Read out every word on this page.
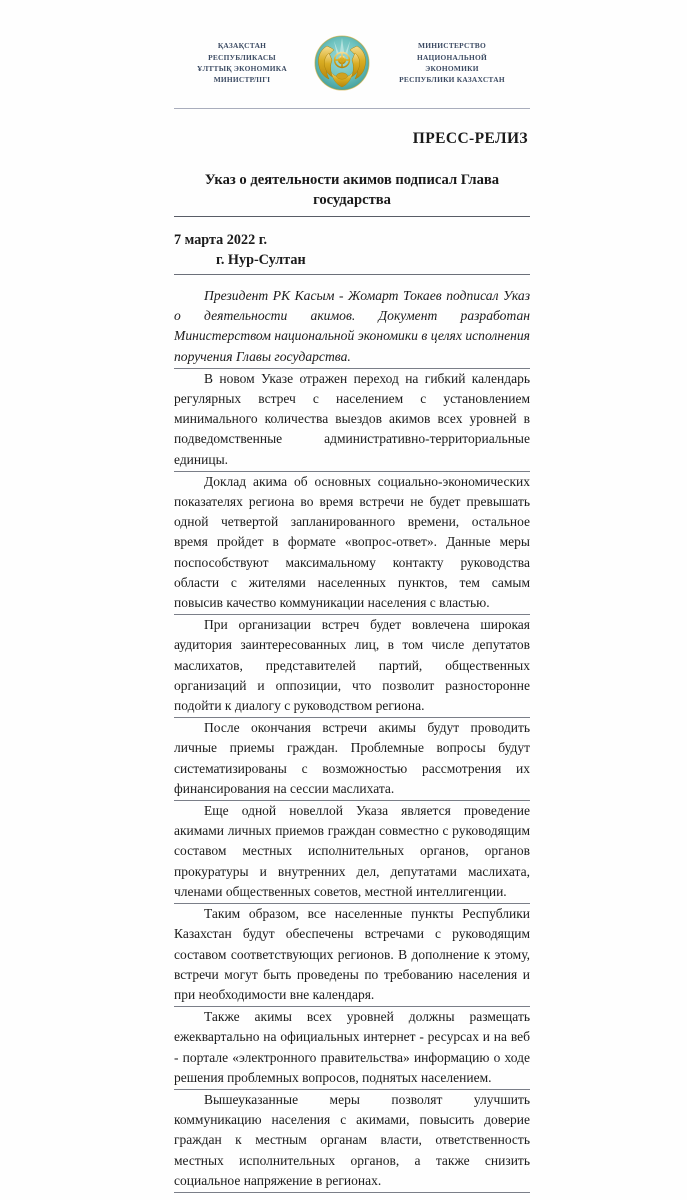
ҚАЗАҚСТАН
РЕСПУБЛИКАСЫ
ҰЛТТЫҚ ЭКОНОМИКА
МИНИСТРЛІГІ
МИНИСТЕРСТВО
НАЦИОНАЛЬНОЙ
ЭКОНОМИКИ
РЕСПУБЛИКИ КАЗАХСТАН
ПРЕСС-РЕЛИЗ
Указ о деятельности акимов подписал Глава государства
7 марта 2022 г.
г. Нур-Султан

Президент РК Касым - Жомарт Токаев подписал Указ о деятельности акимов. Документ разработан Министерством национальной экономики в целях исполнения поручения Главы государства.

В новом Указе отражен переход на гибкий календарь регулярных встреч с населением с установлением минимального количества выездов акимов всех уровней в подведомственные административно-территориальные единицы.

Доклад акима об основных социально-экономических показателях региона во время встречи не будет превышать одной четвертой запланированного времени, остальное время пройдет в формате «вопрос-ответ». Данные меры поспособствуют максимальному контакту руководства области с жителями населенных пунктов, тем самым повысив качество коммуникации населения с властью.

При организации встреч будет вовлечена широкая аудитория заинтересованных лиц, в том числе депутатов маслихатов, представителей партий, общественных организаций и оппозиции, что позволит разносторонне подойти к диалогу с руководством региона.

После окончания встречи акимы будут проводить личные приемы граждан. Проблемные вопросы будут систематизированы с возможностью рассмотрения их финансирования на сессии маслихата.

Еще одной новеллой Указа является проведение акимами личных приемов граждан совместно с руководящим составом местных исполнительных органов, органов прокуратуры и внутренних дел, депутатами маслихата, членами общественных советов, местной интеллигенции.

Таким образом, все населенные пункты Республики Казахстан будут обеспечены встречами с руководящим составом соответствующих регионов. В дополнение к этому, встречи могут быть проведены по требованию населения и при необходимости вне календаря.

Также акимы всех уровней должны размещать ежеквартально на официальных интернет - ресурсах и на веб - портале «электронного правительства» информацию о ходе решения проблемных вопросов, поднятых населением.

Вышеуказанные меры позволят улучшить коммуникацию населения с акимами, повысить доверие граждан к местным органам власти, ответственность местных исполнительных органов, а также снизить социальное напряжение в регионах.
